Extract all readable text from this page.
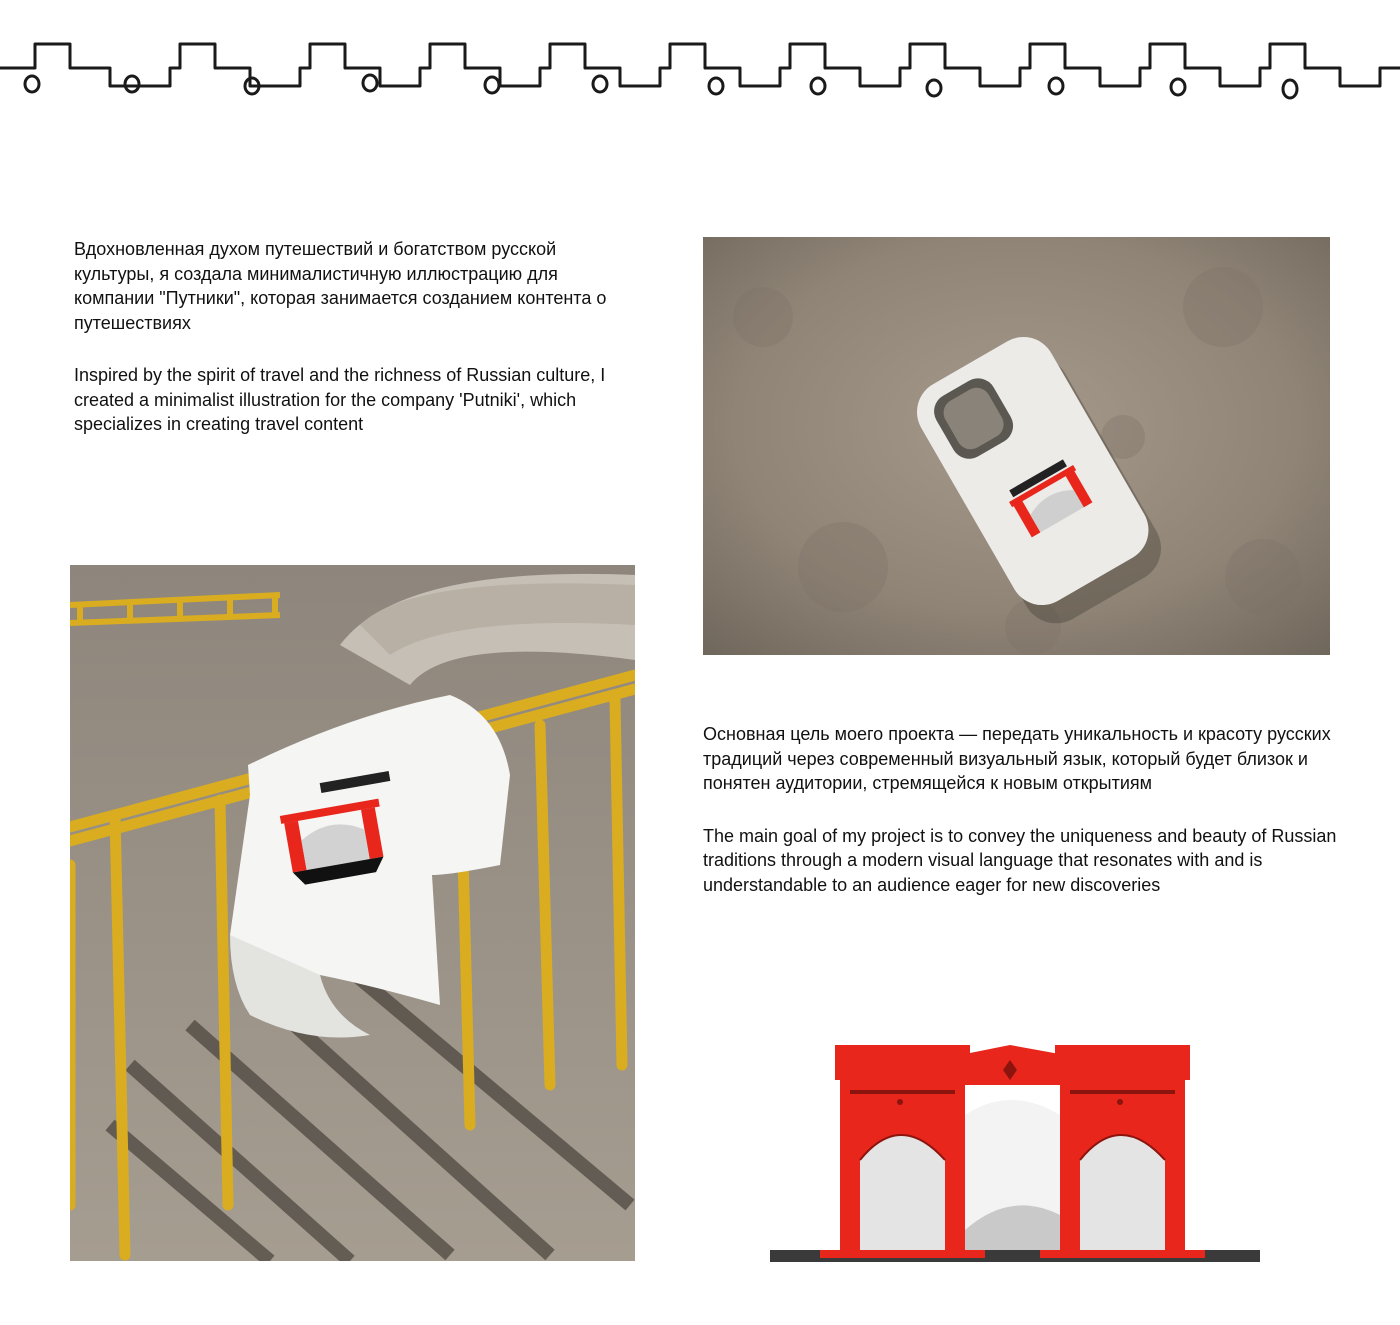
Вдохновленная духом путешествий и богатством русской культуры, я создала минималистичную иллюстрацию для компании "Путники", которая занимается созданием контента о путешествиях

Inspired by the spirit of travel and the richness of Russian culture, I created a minimalist illustration for the company 'Putniki', which specializes in creating travel content

Основная цель моего проекта — передать уникальность и красоту русских традиций через современный визуальный язык, который будет близок и понятен аудитории, стремящейся к новым открытиям

The main goal of my project is to convey the uniqueness and beauty of Russian traditions through a modern visual language that resonates with and is understandable to an audience eager for new discoveries
